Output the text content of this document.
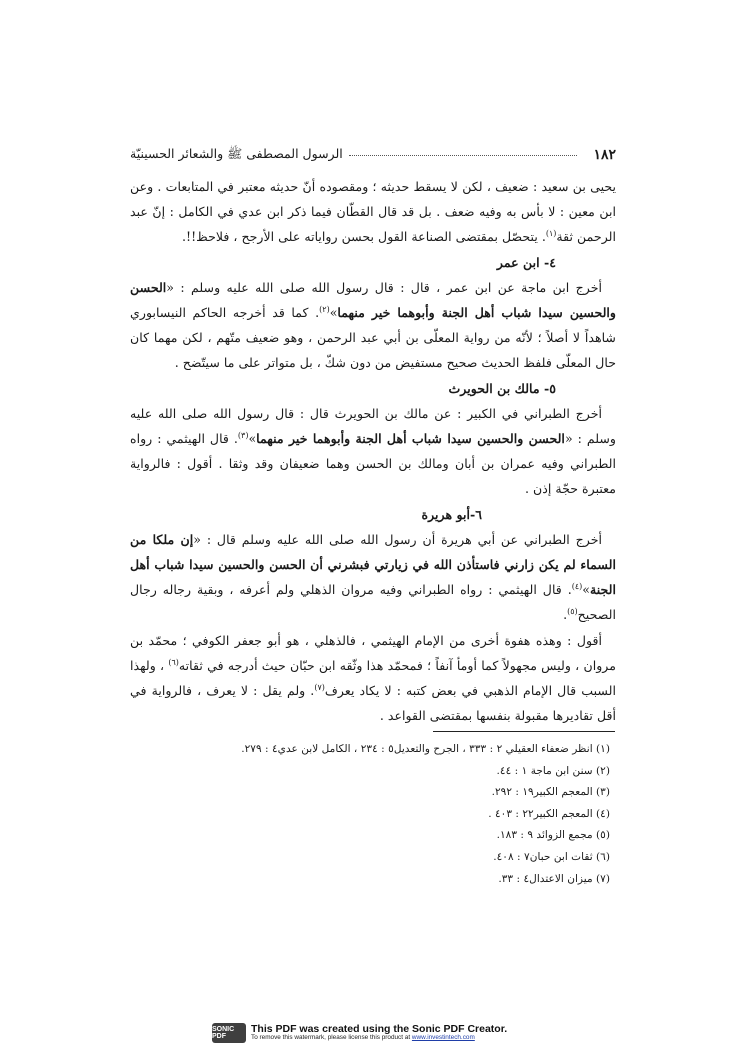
١٨٢
الرسول المصطفى ﷺ والشعائر الحسينيّة

يحيى بن سعيد : ضعيف ، لكن لا يسقط حديثه ؛ ومقصوده أنّ حديثه معتبر في المتابعات . وعن ابن معين : لا بأس به وفيه ضعف . بل قد قال القطّان فيما ذكر ابن عدي في الكامل : إنّ عبد الرحمن ثقة$^{(١)}$. يتحصّل بمقتضى الصناعة القول بحسن رواياته على الأرجح ، فلاحظ!!.

٤- ابن عمر

أخرج ابن ماجة عن ابن عمر ، قال : قال رسول الله صلى الله عليه وسلم : «الحسن والحسين سيدا شباب أهل الجنة وأبوهما خير منهما»$^{(٢)}$. كما قد أخرجه الحاكم النيسابوري شاهداً لا أصلاً ؛ لأنّه من رواية المعلّى بن أبي عبد الرحمن ، وهو ضعيف متّهم ، لكن مهما كان حال المعلّى فلفظ الحديث صحيح مستفيض من دون شكّ ، بل متواتر على ما سيتّضح .

٥- مالك بن الحويرث

أخرج الطبراني في الكبير : عن مالك بن الحويرث قال : قال رسول الله صلى الله عليه وسلم : «الحسن والحسين سيدا شباب أهل الجنة وأبوهما خير منهما»$^{(٣)}$. قال الهيثمي : رواه الطبراني وفيه عمران بن أبان ومالك بن الحسن وهما ضعيفان وقد وثقا . أقول : فالرواية معتبرة حجّة إذن .

٦-أبو هريرة

أخرج الطبراني عن أبي هريرة أن رسول الله صلى الله عليه وسلم قال : «إن ملكا من السماء لم يكن زارني فاستأذن الله في زيارتي فبشرني أن الحسن والحسين سيدا شباب أهل الجنة»$^{(٤)}$. قال الهيثمي : رواه الطبراني وفيه مروان الذهلي ولم أعرفه ، وبقية رجاله رجال الصحيح$^{(٥)}$.

أقول : وهذه هفوة أخرى من الإمام الهيثمي ، فالذهلي ، هو أبو جعفر الكوفي ؛ محمّد بن مروان ، وليس مجهولاً كما أومأ آنفاً ؛ فمحمّد هذا وثّقه ابن حبّان حيث أدرجه في ثقاته$^{(٦)}$ ، ولهذا السبب قال الإمام الذهبي في بعض كتبه : لا يكاد يعرف$^{(٧)}$. ولم يقل : لا يعرف ، فالرواية في أقل تقاديرها مقبولة بنفسها بمقتضى القواعد .

(١) انظر ضعفاء العقيلي ٢ : ٣٣٣ ، الجرح والتعديل٥ : ٢٣٤ ، الكامل لابن عدي٤ : ٢٧٩.

(٢) سنن ابن ماجة ١ : ٤٤.

(٣) المعجم الكبير١٩ : ٢٩٢.

(٤) المعجم الكبير٢٢ : ٤٠٣ .

(٥) مجمع الزوائد ٩ : ١٨٣.

(٦) ثقات ابن حبان٧ : ٤٠٨.

(٧) ميزان الاعتدال٤ : ٣٣.

SONIC PDF
This PDF was created using the Sonic PDF Creator.
To remove this watermark, please license this product at www.investintech.com
